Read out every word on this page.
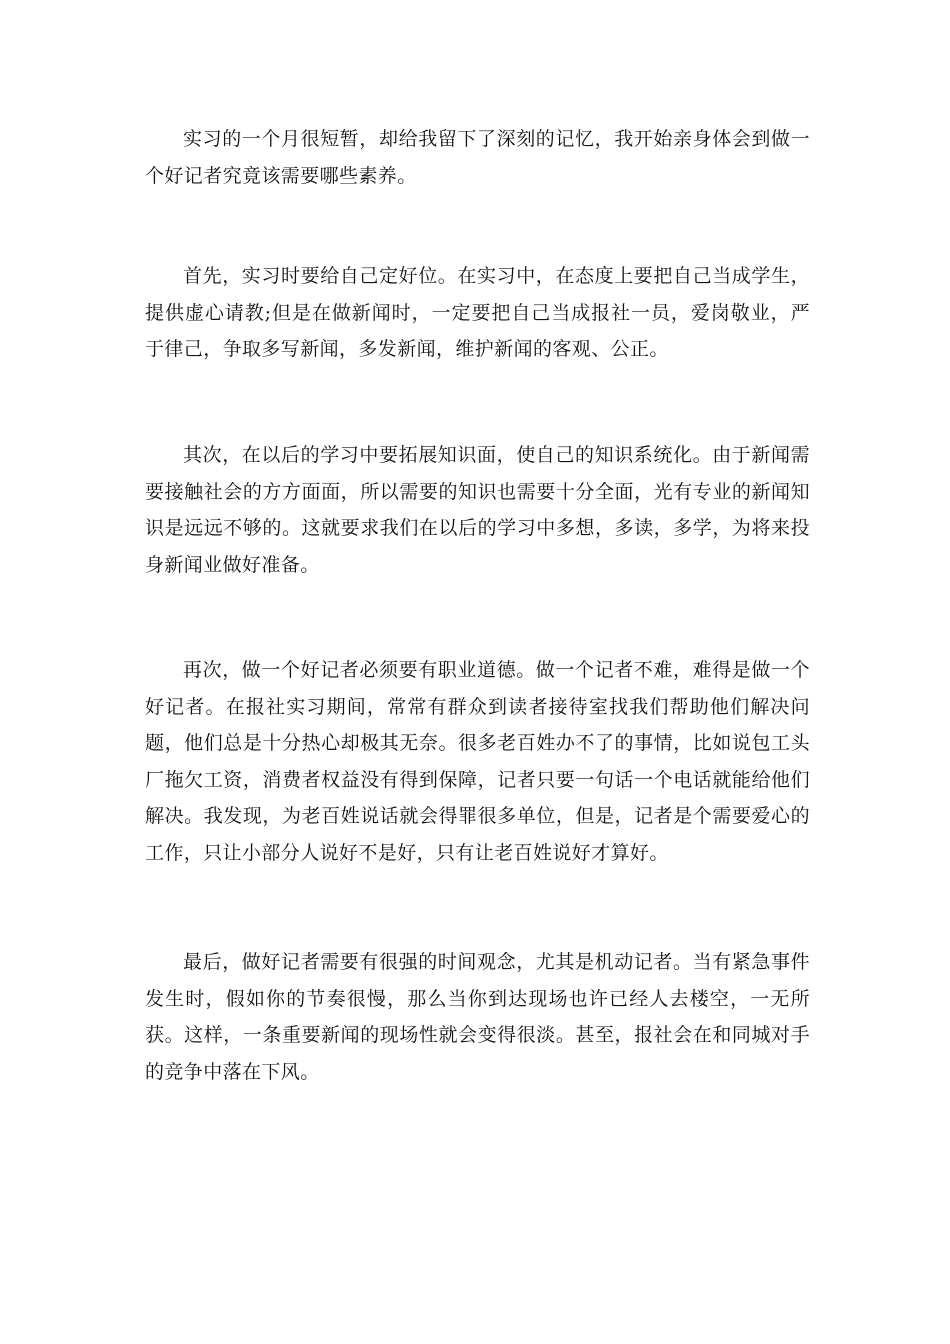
实习的一个月很短暂，却给我留下了深刻的记忆，我开始亲身体会到做一个好记者究竟该需要哪些素养。

首先，实习时要给自己定好位。在实习中，在态度上要把自己当成学生，提供虚心请教;但是在做新闻时，一定要把自己当成报社一员，爱岗敬业，严于律己，争取多写新闻，多发新闻，维护新闻的客观、公正。

其次，在以后的学习中要拓展知识面，使自己的知识系统化。由于新闻需要接触社会的方方面面，所以需要的知识也需要十分全面，光有专业的新闻知识是远远不够的。这就要求我们在以后的学习中多想，多读，多学，为将来投身新闻业做好准备。

再次，做一个好记者必须要有职业道德。做一个记者不难，难得是做一个好记者。在报社实习期间，常常有群众到读者接待室找我们帮助他们解决问题，他们总是十分热心却极其无奈。很多老百姓办不了的事情，比如说包工头厂拖欠工资，消费者权益没有得到保障，记者只要一句话一个电话就能给他们解决。我发现，为老百姓说话就会得罪很多单位，但是，记者是个需要爱心的工作，只让小部分人说好不是好，只有让老百姓说好才算好。

最后，做好记者需要有很强的时间观念，尤其是机动记者。当有紧急事件发生时，假如你的节奏很慢，那么当你到达现场也许已经人去楼空，一无所获。这样，一条重要新闻的现场性就会变得很淡。甚至，报社会在和同城对手的竞争中落在下风。
